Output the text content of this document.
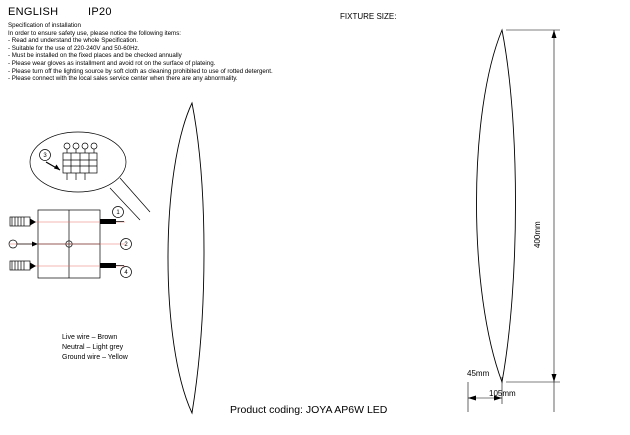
ENGLISH	IP20	FIXTURE SIZE:
Specification of installation
In order to ensure safety use, please notice the following items:
- Read and understand the whole Specification.
- Suitable for the use of 220-240V and 50-60Hz.
- Must be installed on the fixed places and be checked annually
- Please wear gloves as installment and avoid rot on the surface of plateing.
- Please turn off the lighting source by soft cloth as cleaning prohibited to use of rotted detergent.
- Please connect with the local sales service center when there are any abnormality.
3
1
2
4
Live wire – Brown
Neutral – Light grey
Ground wire – Yellow
400mm
45mm
105mm
Product coding: JOYA AP6W LED
